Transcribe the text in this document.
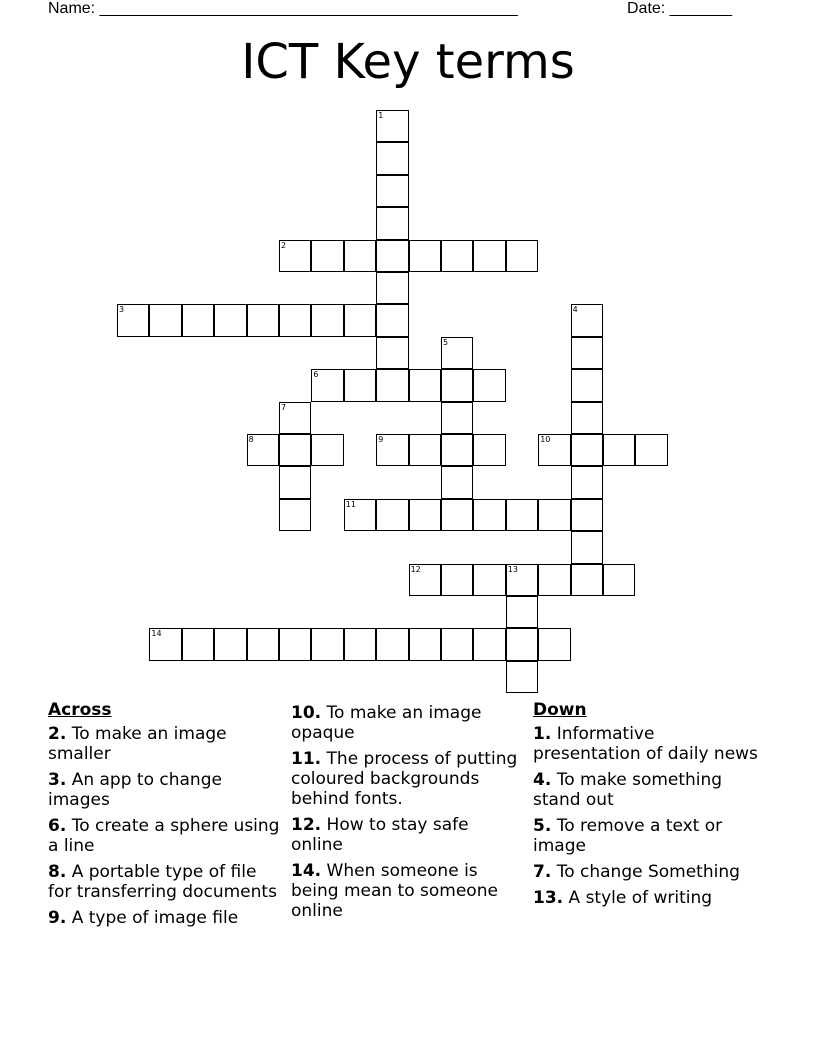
Name: _______________________________________________	Date: _______
ICT Key terms
1
2
3	4
5
6
7
8	9	10
11
12	13
14
Across
2. To make an image smaller
3. An app to change images
6. To create a sphere using a line
8. A portable type of file for transferring documents
9. A type of image file
10. To make an image opaque
11. The process of putting coloured backgrounds behind fonts.
12. How to stay safe online
14. When someone is being mean to someone online
Down
1. Informative presentation of daily news
4. To make something stand out
5. To remove a text or image
7. To change Something
13. A style of writing
